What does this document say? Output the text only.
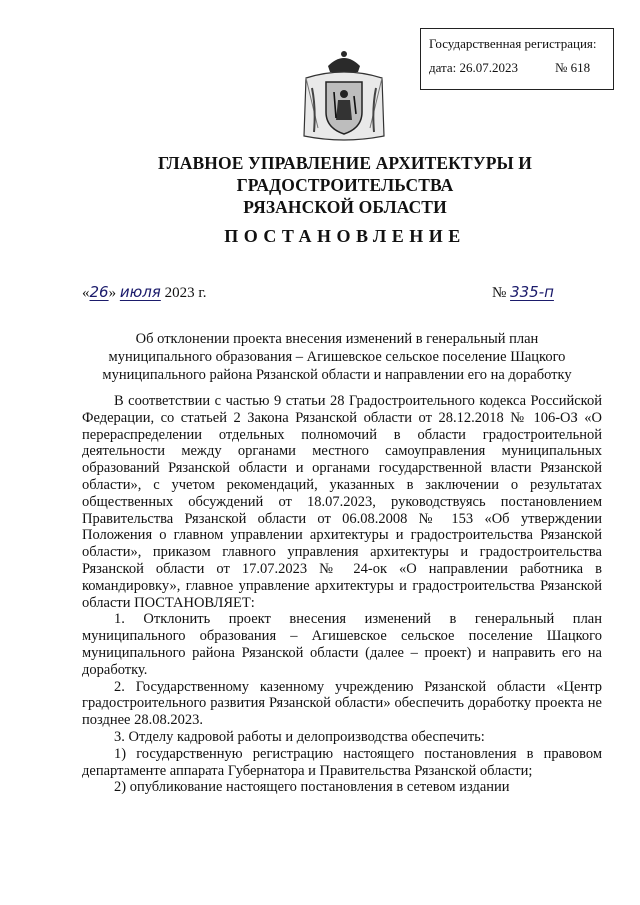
Государственная регистрация:
дата: 26.07.2023	№ 618
ГЛАВНОЕ УПРАВЛЕНИЕ АРХИТЕКТУРЫ И ГРАДОСТРОИТЕЛЬСТВА
РЯЗАНСКОЙ ОБЛАСТИ
ПОСТАНОВЛЕНИЕ
«26» июля 2023 г.	№ 335-п
Об отклонении проекта внесения изменений в генеральный план
муниципального образования – Агишевское сельское поселение Шацкого
муниципального района Рязанской области и направлении его на доработку

В соответствии с частью 9 статьи 28 Градостроительного кодекса Российской Федерации, со статьей 2 Закона Рязанской области от 28.12.2018 № 106-ОЗ «О перераспределении отдельных полномочий в области градостроительной деятельности между органами местного самоуправления муниципальных образований Рязанской области и органами государственной власти Рязанской области», с учетом рекомендаций, указанных в заключении о результатах общественных обсуждений от 18.07.2023, руководствуясь постановлением Правительства Рязанской области от 06.08.2008 № 153 «Об утверждении Положения о главном управлении архитектуры и градостроительства Рязанской области», приказом главного управления архитектуры и градостроительства Рязанской области от 17.07.2023 № 24-ок «О направлении работника в командировку», главное управление архитектуры и градостроительства Рязанской области ПОСТАНОВЛЯЕТ:

1. Отклонить проект внесения изменений в генеральный план муниципального образования – Агишевское сельское поселение Шацкого муниципального района Рязанской области (далее – проект) и направить его на доработку.

2. Государственному казенному учреждению Рязанской области «Центр градостроительного развития Рязанской области» обеспечить доработку проекта не позднее 28.08.2023.

3. Отделу кадровой работы и делопроизводства обеспечить:

1) государственную регистрацию настоящего постановления в правовом департаменте аппарата Губернатора и Правительства Рязанской области;

2) опубликование настоящего постановления в сетевом издании
